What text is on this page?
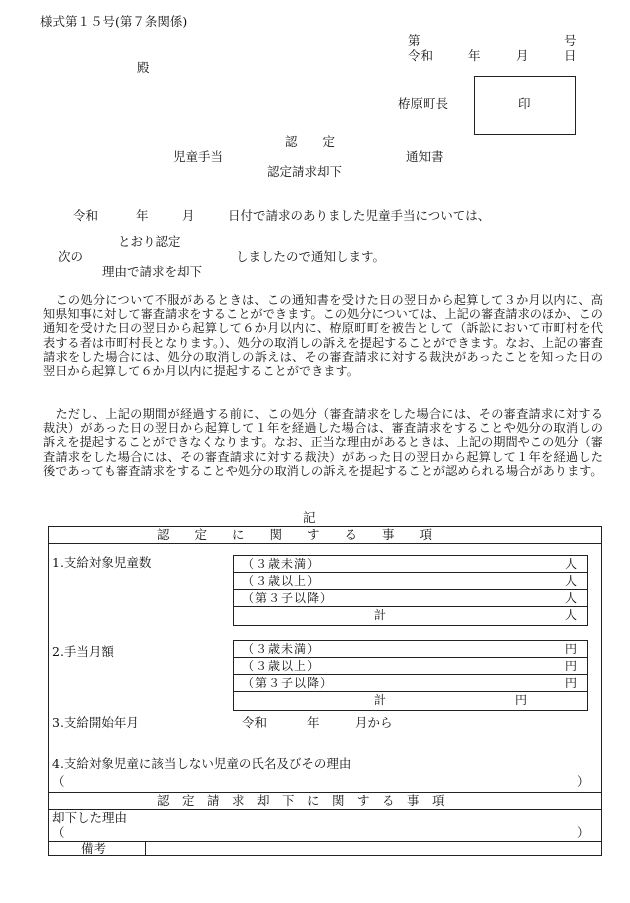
様式第１５号(第７条関係)
第	号
令和	年	月	日
殿
栫原町長	印
認　　定
児童手当	通知書
認定請求却下
令和	年	月	日付で請求のありました児童手当については、
とおり認定
次の	しましたので通知します。
理由で請求を却下
　この処分について不服があるときは、この通知書を受けた日の翌日から起算して３か月以内に、高知県知事に対して審査請求をすることができます。この処分については、上記の審査請求のほか、この通知を受けた日の翌日から起算して６か月以内に、栫原町町を被告として（訴訟において市町村を代表する者は市町村長となります。）、処分の取消しの訴えを提起することができます。なお、上記の審査請求をした場合には、処分の取消しの訴えは、その審査請求に対する裁決があったことを知った日の翌日から起算して６か月以内に提起することができます。
　ただし、上記の期間が経過する前に、この処分（審査請求をした場合には、その審査請求に対する裁決）があった日の翌日から起算して１年を経過した場合は、審査請求をすることや処分の取消しの訴えを提起することができなくなります。なお、正当な理由があるときは、上記の期間やこの処分（審査請求をした場合には、その審査請求に対する裁決）があった日の翌日から起算して１年を経過した後であっても審査請求をすることや処分の取消しの訴えを提起することが認められる場合があります。
記
認　　定　　に　　関　　す　　る　　事　　項
1.支給対象児童数	（３歳未満）	人
（３歳以上）	人
（第３子以降）	人
計	人
2.手当月額	（３歳未満）	円
（３歳以上）	円
（第３子以降）	円
計	円
3.支給開始年月	令和	年	月から
4.支給対象児童に該当しない児童の氏名及びその理由
（	）
認　定　請　求　却　下　に　関　す　る　事　項
却下した理由
（	）
備考
